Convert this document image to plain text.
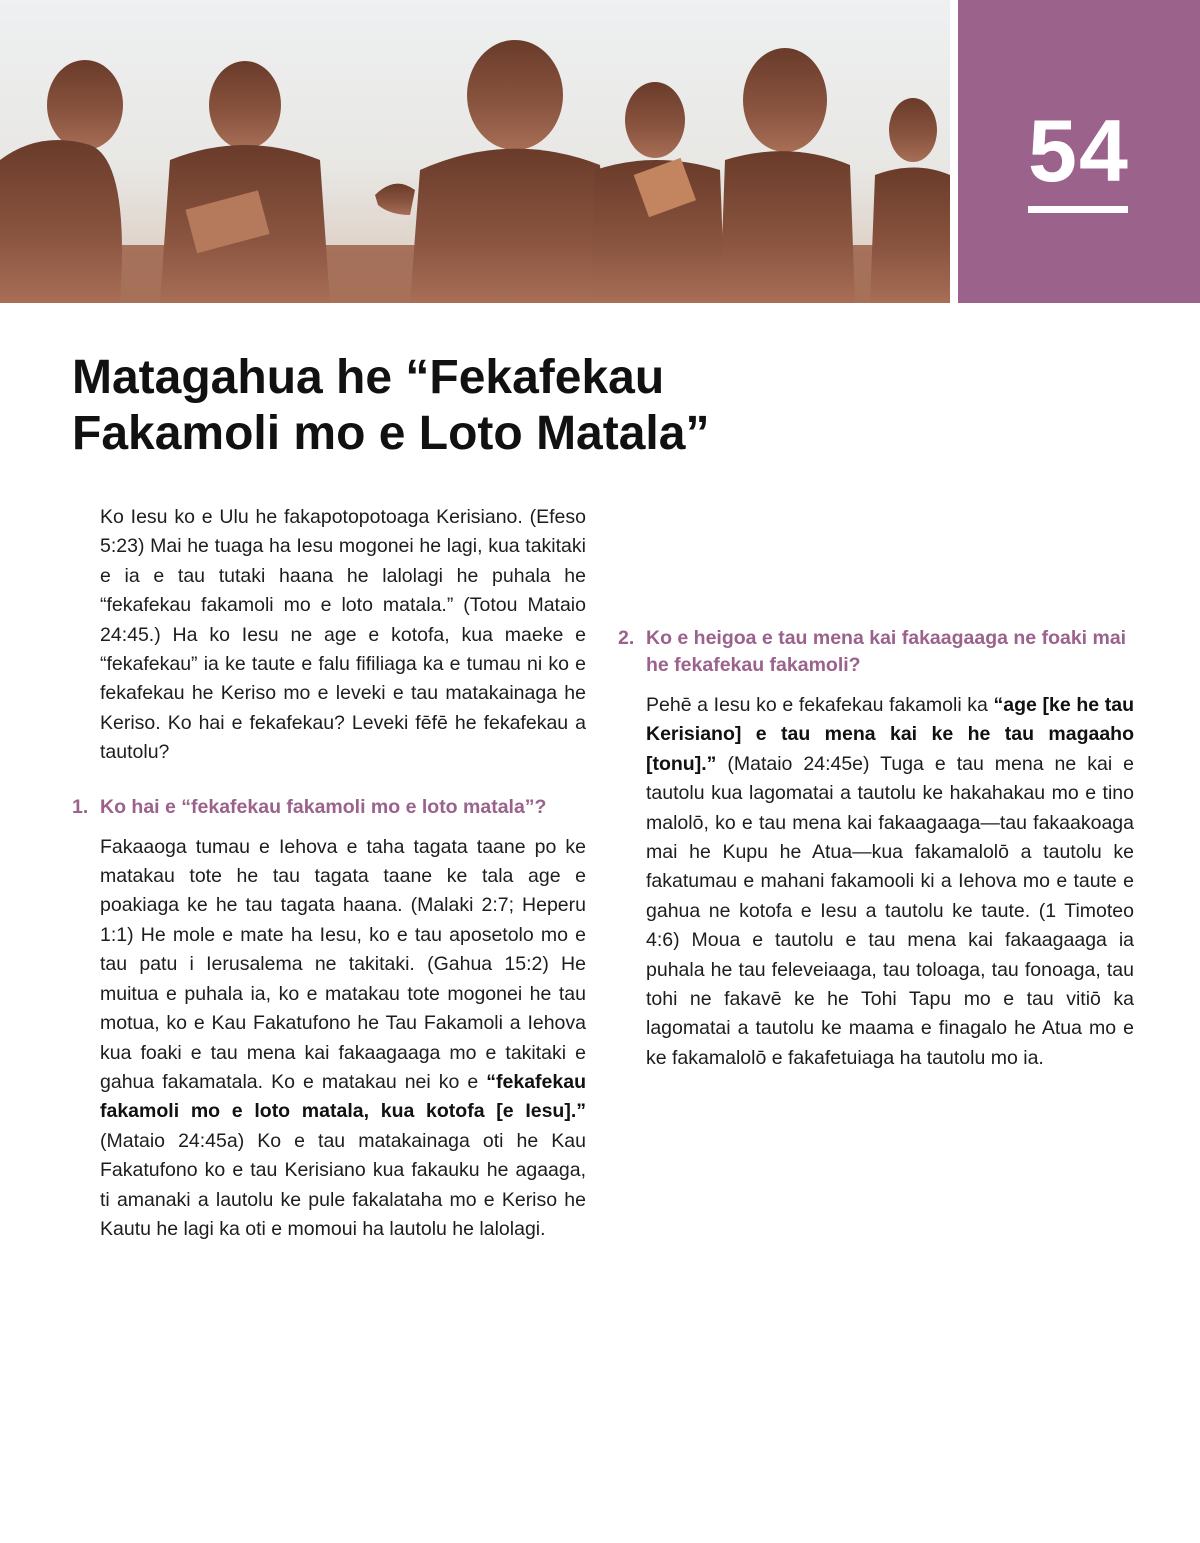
54
Matagahua he “Fekafekau
Fakamoli mo e Loto Matala”

Ko Iesu ko e Ulu he fakapotopotoaga Kerisiano. (Efeso 5:23) Mai he tuaga ha Iesu mogonei he lagi, kua takitaki e ia e tau tutaki haana he lalolagi he puhala he “fekafekau fakamoli mo e loto matala.” (Totou Mataio 24:45.) Ha ko Iesu ne age e kotofa, kua maeke e “fekafekau” ia ke taute e falu fifiliaga ka e tumau ni ko e fekafekau he Keriso mo e leveki e tau matakainaga he Keriso. Ko hai e fekafekau? Leveki fēfē he fekafekau a tautolu?

1. Ko hai e “fekafekau fakamoli mo e loto matala”?

Fakaaoga tumau e Iehova e taha tagata taane po ke matakau tote he tau tagata taane ke tala age e poakiaga ke he tau tagata haana. (Malaki 2:7; Heperu 1:1) He mole e mate ha Iesu, ko e tau aposetolo mo e tau patu i Ierusalema ne takitaki. (Gahua 15:2) He muitua e puhala ia, ko e matakau tote mogonei he tau motua, ko e Kau Fakatufono he Tau Fakamoli a Iehova kua foaki e tau mena kai fakaagaaga mo e takitaki e gahua fakamatala. Ko e matakau nei ko e “fekafekau fakamoli mo e loto matala, kua kotofa [e Iesu].” (Mataio 24:45a) Ko e tau matakainaga oti he Kau Fakatufono ko e tau Kerisiano kua fakauku he agaaga, ti amanaki a lautolu ke pule fakalataha mo e Keriso he Kautu he lagi ka oti e momoui ha lautolu he lalolagi.

2. Ko e heigoa e tau mena kai fakaagaaga ne foaki mai he fekafekau fakamoli?

Pehē a Iesu ko e fekafekau fakamoli ka “age [ke he tau Kerisiano] e tau mena kai ke he tau magaaho [tonu].” (Mataio 24:45e) Tuga e tau mena ne kai e tautolu kua lagomatai a tautolu ke hakahakau mo e tino malolō, ko e tau mena kai fakaagaaga—tau fakaakoaga mai he Kupu he Atua—kua fakamalolō a tautolu ke fakatumau e mahani fakamooli ki a Iehova mo e taute e gahua ne kotofa e Iesu a tautolu ke taute. (1 Timoteo 4:6) Moua e tautolu e tau mena kai fakaagaaga ia puhala he tau feleveiaaga, tau toloaga, tau fonoaga, tau tohi ne fakavē ke he Tohi Tapu mo e tau vitiō ka lagomatai a tautolu ke maama e finagalo he Atua mo e ke fakamalolō e fakafetuiaga ha tautolu mo ia.
